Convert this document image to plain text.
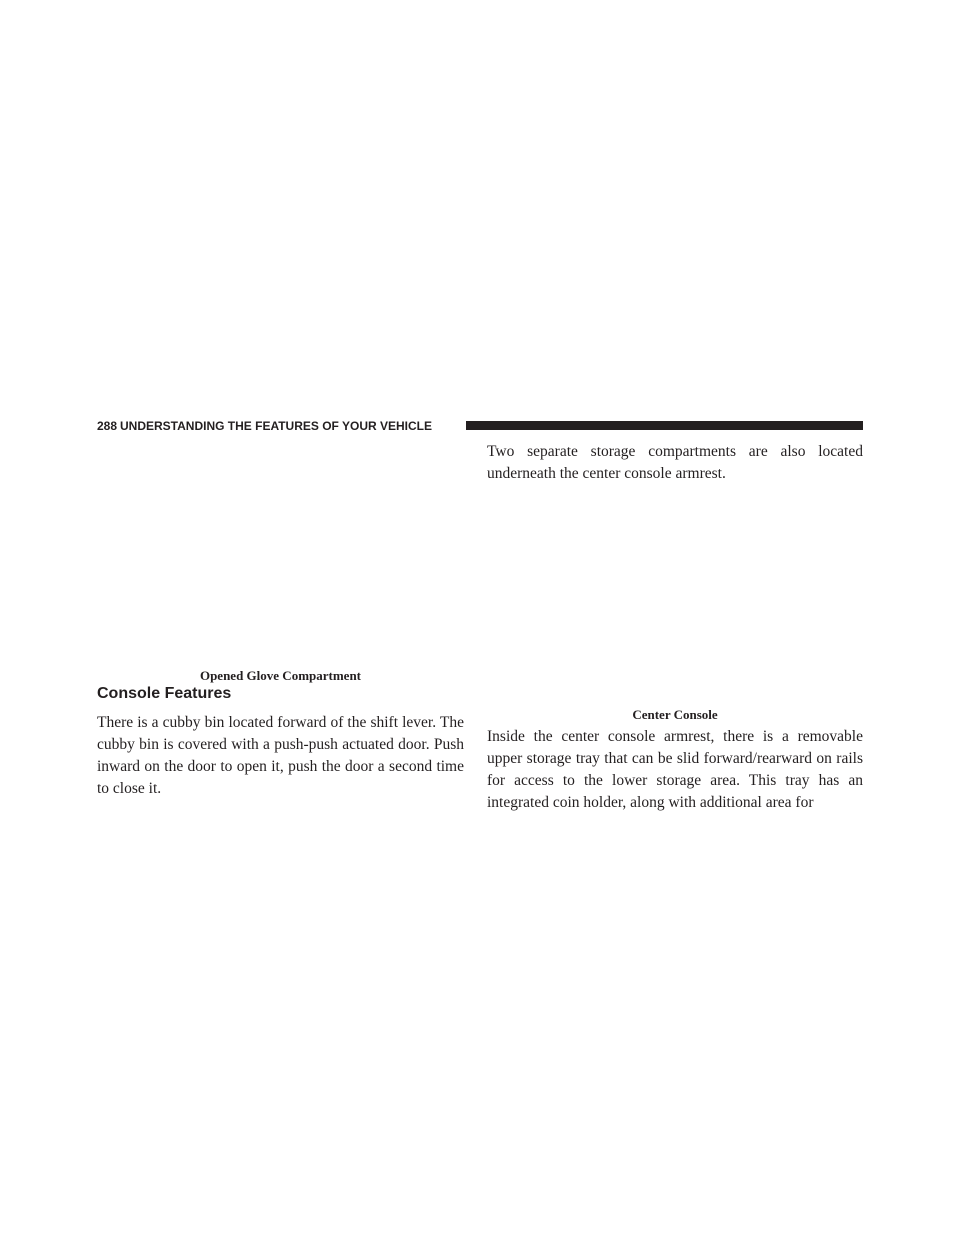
288 UNDERSTANDING THE FEATURES OF YOUR VEHICLE
Opened Glove Compartment
Console Features

There is a cubby bin located forward of the shift lever. The cubby bin is covered with a push-push actuated door. Push inward on the door to open it, push the door a second time to close it.

Two separate storage compartments are also located underneath the center console armrest.

Center Console

Inside the center console armrest, there is a removable upper storage tray that can be slid forward/rearward on rails for access to the lower storage area. This tray has an integrated coin holder, along with additional area for
